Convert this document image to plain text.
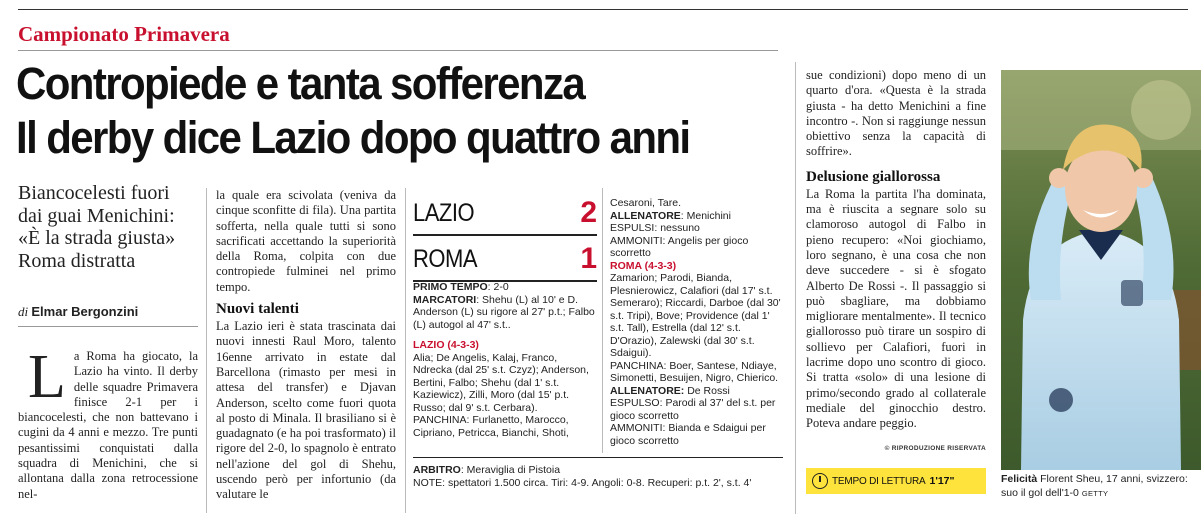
Campionato Primavera
Contropiede e tanta sofferenza
Il derby dice Lazio dopo quattro anni
Biancocelesti fuori dai guai Menichini: «È la strada giusta» Roma distratta
di Elmar Bergonzini
L a Roma ha giocato, la Lazio ha vinto. Il derby delle squadre Primavera finisce 2-1 per i biancocelesti, che non battevano i cugini da 4 anni e mezzo. Tre punti pesantissimi conquistati dalla squadra di Menichini, che si allontana dalla zona retrocessione nel-

la quale era scivolata (veniva da cinque sconfitte di fila). Una partita sofferta, nella quale tutti si sono sacrificati accettando la superiorità della Roma, colpita con due contropiede fulminei nel primo tempo.

Nuovi talenti

La Lazio ieri è stata trascinata dai nuovi innesti Raul Moro, talento 16enne arrivato in estate dal Barcellona (rimasto per mesi in attesa del transfer) e Djavan Anderson, scelto come fuori quota al posto di Minala. Il brasiliano si è guadagnato (e ha poi trasformato) il rigore del 2-0, lo spagnolo è entrato nell'azione del gol di Shehu, uscendo però per infortunio (da valutare le

LAZIO	2
ROMA	1
PRIMO TEMPO: 2-0
MARCATORI: Shehu (L) al 10' e D. Anderson (L) su rigore al 27' p.t.; Falbo (L) autogol al 47' s.t..
LAZIO (4-3-3)
Alia; De Angelis, Kalaj, Franco, Ndrecka (dal 25' s.t. Czyz); Anderson, Bertini, Falbo; Shehu (dal 1' s.t. Kaziewicz), Zilli, Moro (dal 15' p.t. Russo; dal 9' s.t. Cerbara).
PANCHINA: Furlanetto, Marocco, Cipriano, Petricca, Bianchi, Shoti,
Cesaroni, Tare.
ALLENATORE: Menichini
ESPULSI: nessuno
AMMONITI: Angelis per gioco scorretto
ROMA (4-3-3)
Zamarion; Parodi, Bianda, Plesnierowicz, Calafiori (dal 17' s.t. Semeraro); Riccardi, Darboe (dal 30' s.t. Tripi), Bove; Providence (dal 1' s.t. Tall), Estrella (dal 12' s.t. D'Orazio), Zalewski (dal 30' s.t. Sdaigui).
PANCHINA: Boer, Santese, Ndiaye, Simonetti, Besuijen, Nigro, Chierico.
ALLENATORE: De Rossi
ESPULSO: Parodi al 37' del s.t. per gioco scorretto
AMMONITI: Bianda e Sdaigui per gioco scorretto
ARBITRO: Meraviglia di Pistoia
NOTE: spettatori 1.500 circa. Tiri: 4-9. Angoli: 0-8. Recuperi: p.t. 2', s.t. 4'

sue condizioni) dopo meno di un quarto d'ora. «Questa è la strada giusta - ha detto Menichini a fine incontro -. Non si raggiunge nessun obiettivo senza la capacità di soffrire».

Delusione giallorossa

La Roma la partita l'ha dominata, ma è riuscita a segnare solo su clamoroso autogol di Falbo in pieno recupero: «Noi giochiamo, loro segnano, è una cosa che non deve succedere - si è sfogato Alberto De Rossi -. Il passaggio si può sbagliare, ma dobbiamo migliorare mentalmente». Il tecnico giallorosso può tirare un sospiro di sollievo per Calafiori, fuori in lacrime dopo uno scontro di gioco. Si tratta «solo» di una lesione di primo/secondo grado al collaterale mediale del ginocchio destro. Poteva andare peggio.

© RIPRODUZIONE RISERVATA
TEMPO DI LETTURA 1'17"	Felicità Florent Sheu, 17 anni, svizzero: suo il gol dell'1-0 GETTY
